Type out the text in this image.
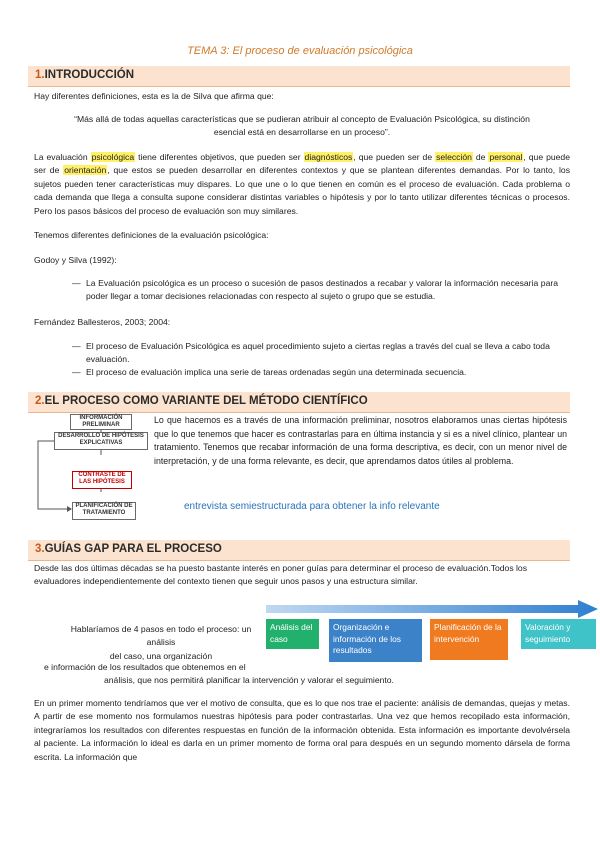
TEMA 3: El proceso de evaluación psicológica
1.INTRODUCCIÓN
Hay diferentes definiciones, esta es la de Silva que afirma que:
“Más allá de todas aquellas características que se pudieran atribuir al concepto de Evaluación Psicológica, su distinción
esencial está en desarrollarse en un proceso”.
La evaluación psicológica tiene diferentes objetivos, que pueden ser diagnósticos, que pueden ser de selección de personal, que puede ser de orientación, que estos se pueden desarrollar en diferentes contextos y que se plantean diferentes demandas. Por lo tanto, los sujetos pueden tener características muy dispares. Lo que une o lo que tienen en común es el proceso de evaluación. Cada problema o cada demanda que llega a consulta supone considerar distintas variables o hipótesis y por lo tanto utilizar diferentes técnicas o procesos. Pero los pasos básicos del proceso de evaluación son muy similares.
Tenemos diferentes definiciones de la evaluación psicológica:
Godoy y Silva (1992):
— La Evaluación psicológica es un proceso o sucesión de pasos destinados a recabar y valorar la información necesaria para poder llegar a tomar decisiones relacionadas con respecto al sujeto o grupo que se estudia.
Fernández Ballesteros, 2003; 2004:
— El proceso de Evaluación Psicológica es aquel procedimiento sujeto a ciertas reglas a través del cual se lleva a cabo toda evaluación.
— El proceso de evaluación implica una serie de tareas ordenadas según una determinada secuencia.
2.EL PROCESO COMO VARIANTE DEL MÉTODO CIENTÍFICO
INFORMACIÓN PRELIMINAR
DESARROLLO DE HIPÓTESIS EXPLICATIVAS
CONTRASTE DE LAS HIPÓTESIS
PLANIFICACIÓN DE TRATAMIENTO
Lo que hacemos es a través de una información preliminar, nosotros elaboramos unas ciertas hipótesis que lo que tenemos que hacer es contrastarlas para en última instancia y si es a nivel clínico, plantear un tratamiento. Tenemos que recabar información de una forma descriptiva, es decir, con un menor nivel de interpretación, y de una forma relevante, es decir, que aprendamos datos útiles al problema.
entrevista semiestructurada para obtener la info relevante
3.GUÍAS GAP PARA EL PROCESO
Desde las dos últimas décadas se ha puesto bastante interés en poner guías para determinar el proceso de evaluación.Todos los evaluadores independientemente del contexto tienen que seguir unos pasos y una estructura similar.
Análisis del caso
Organización e información de los resultados
Planificación de la intervención
Valoración y seguimiento
Hablaríamos de 4 pasos en todo el proceso: un análisis
del caso, una organización
e información de los resultados que obtenemos en el
análisis, que nos permitirá planificar la intervención y valorar el seguimiento.
En un primer momento tendríamos que ver el motivo de consulta, que es lo que nos trae el paciente: análisis de demandas, quejas y metas. A partir de ese momento nos formulamos nuestras hipótesis para poder contrastarlas. Una vez que hemos recopilado esta información, integraríamos los resultados con diferentes respuestas en función de la información obtenida. Esta información es importante devolvérsela al paciente. La información lo ideal es darla en un primer momento de forma oral para después en un segundo momento dársela de forma escrita. La información que
